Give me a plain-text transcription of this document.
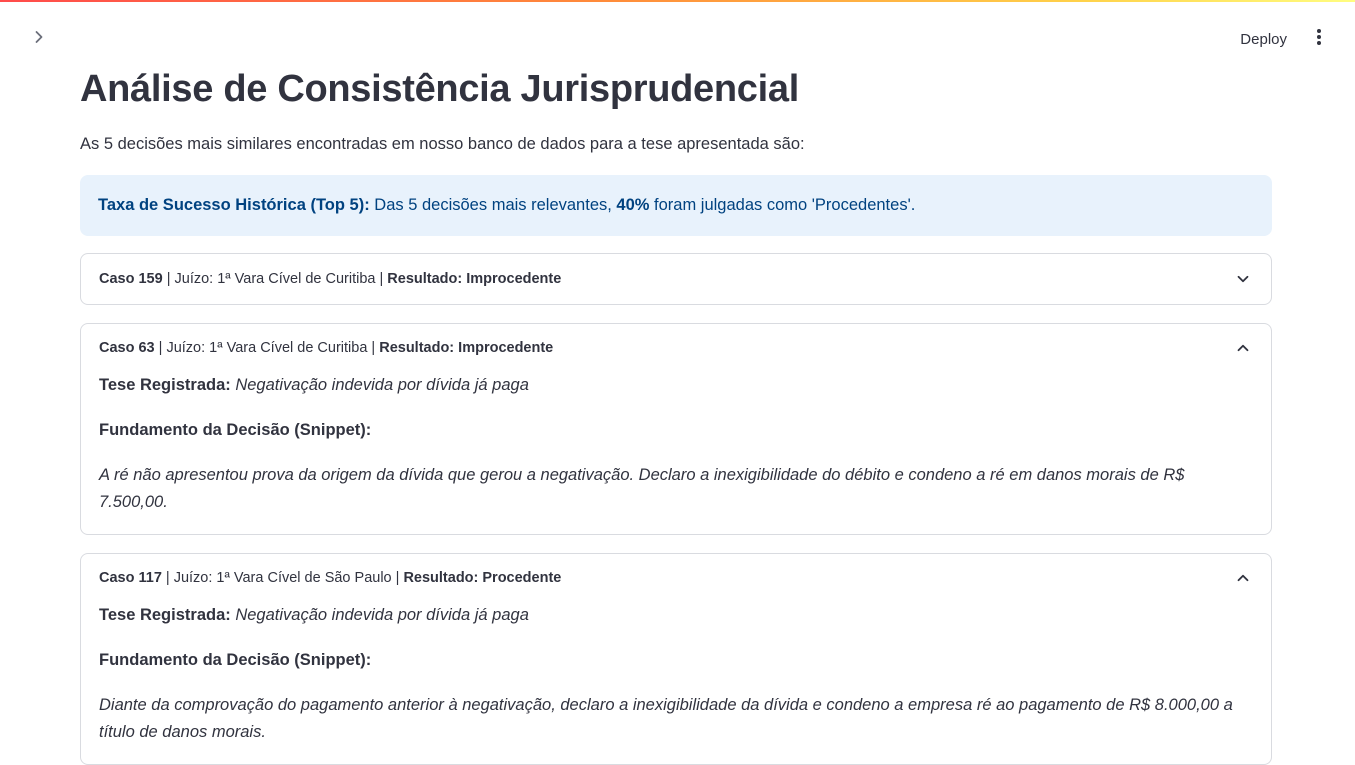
Deploy
Análise de Consistência Jurisprudencial
As 5 decisões mais similares encontradas em nosso banco de dados para a tese apresentada são:
Taxa de Sucesso Histórica (Top 5): Das 5 decisões mais relevantes, 40% foram julgadas como 'Procedentes'.
Caso 159 | Juízo: 1ª Vara Cível de Curitiba | Resultado: Improcedente
Caso 63 | Juízo: 1ª Vara Cível de Curitiba | Resultado: Improcedente

Tese Registrada: Negativação indevida por dívida já paga

Fundamento da Decisão (Snippet):

A ré não apresentou prova da origem da dívida que gerou a negativação. Declaro a inexigibilidade do débito e condeno a ré em danos morais de R$ 7.500,00.

Caso 117 | Juízo: 1ª Vara Cível de São Paulo | Resultado: Procedente

Tese Registrada: Negativação indevida por dívida já paga

Fundamento da Decisão (Snippet):

Diante da comprovação do pagamento anterior à negativação, declaro a inexigibilidade da dívida e condeno a empresa ré ao pagamento de R$ 8.000,00 a título de danos morais.
